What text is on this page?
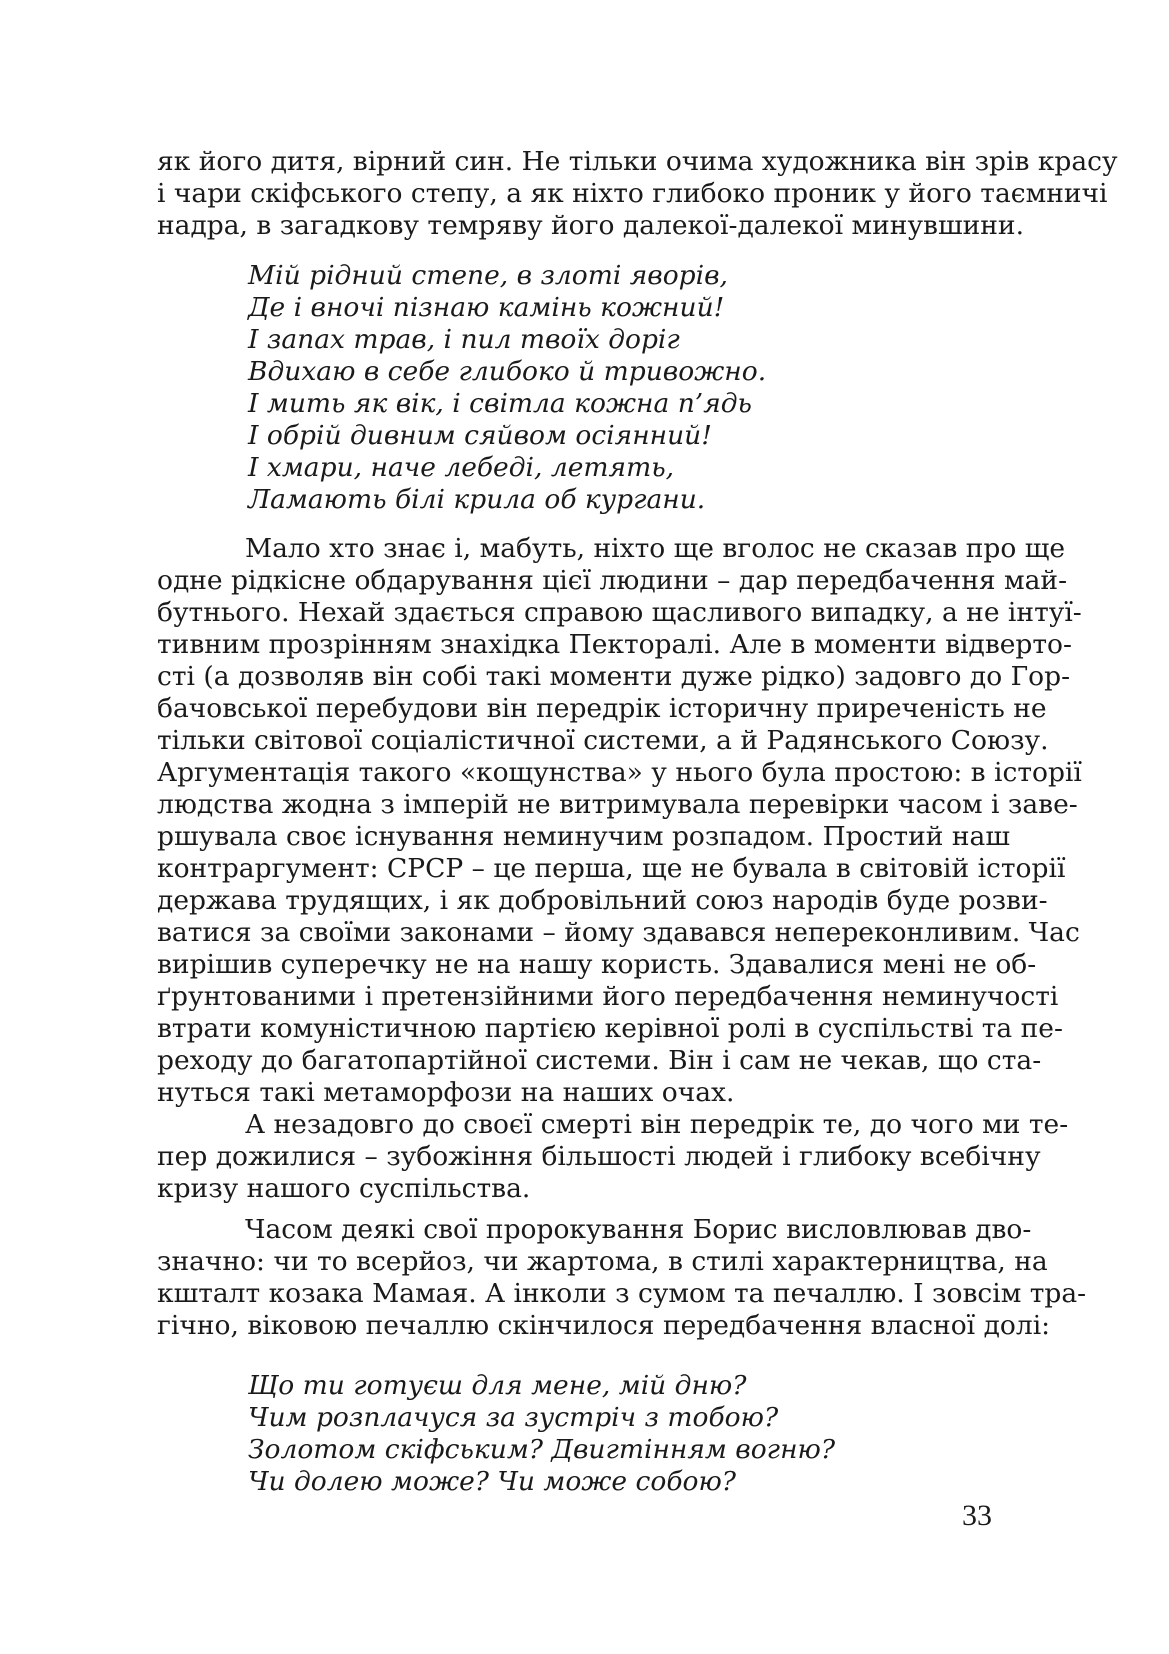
як його дитя, вірний син. Не тільки очима художника він зрів красу
і чари скіфського степу, а як ніхто глибоко проник у його таємничі
надра, в загадкову темряву його далекої-далекої минувшини.
Мій рідний степе, в злоті яворів,
Де і вночі пізнаю камінь кожний!
І запах трав, і пил твоїх доріг
Вдихаю в себе глибоко й тривожно.
І мить як вік, і світла кожна п’ядь
І обрій дивним сяйвом осіянний!
І хмари, наче лебеді, летять,
Ламають білі крила об кургани.
Мало хто знає і, мабуть, ніхто ще вголос не сказав про ще
одне рідкісне обдарування цієї людини – дар передбачення май-
бутнього. Нехай здається справою щасливого випадку, а не інтуї-
тивним прозрінням знахідка Пекторалі. Але в моменти відверто-
сті (а дозволяв він собі такі моменти дуже рідко) задовго до Гор-
бачовської перебудови він передрік історичну приреченість не
тільки світової соціалістичної системи, а й Радянського Союзу.
Аргументація такого «кощунства» у нього була простою: в історії
людства жодна з імперій не витримувала перевірки часом і заве-
ршувала своє існування неминучим розпадом. Простий наш
контраргумент: СРСР – це перша, ще не бувала в світовій історії
держава трудящих, і як добровільний союз народів буде розви-
ватися за своїми законами – йому здавався непереконливим. Час
вирішив суперечку не на нашу користь. Здавалися мені не об-
ґрунтованими і претензійними його передбачення неминучості
втрати комуністичною партією керівної ролі в суспільстві та пе-
реходу до багатопартійної системи. Він і сам не чекав, що ста-
нуться такі метаморфози на наших очах.
А незадовго до своєї смерті він передрік те, до чого ми те-
пер дожилися – зубожіння більшості людей і глибоку всебічну
кризу нашого суспільства.
Часом деякі свої пророкування Борис висловлював дво-
значно: чи то всерйоз, чи жартома, в стилі характерництва, на
кшталт козака Мамая. А інколи з сумом та печаллю. І зовсім тра-
гічно, віковою печаллю скінчилося передбачення власної долі:
Що ти готуєш для мене, мій дню?
Чим розплачуся за зустріч з тобою?
Золотом скіфським? Двигтінням вогню?
Чи долею може? Чи може собою?
33
